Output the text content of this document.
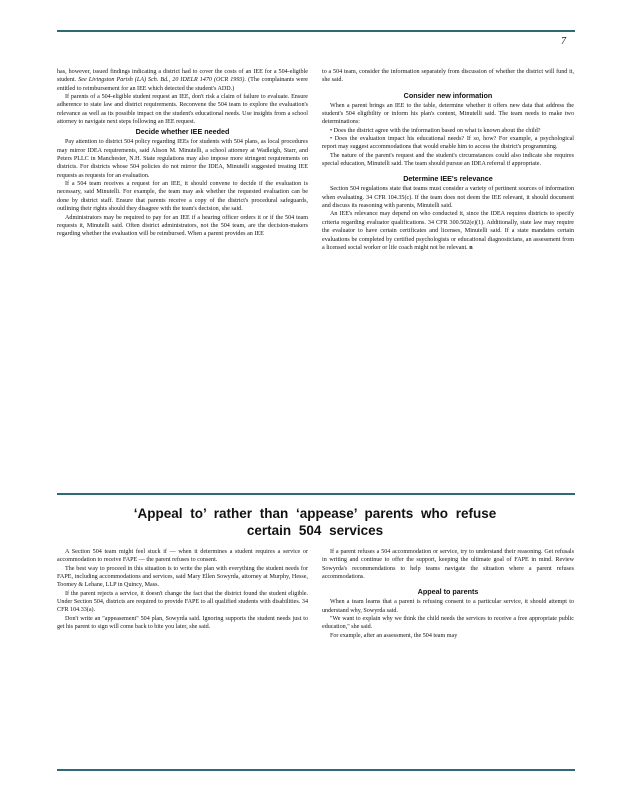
7

has, however, issued findings indicating a district had to cover the costs of an IEE for a 504-eligible student. See Livingston Parish (LA) Sch. Bd., 20 IDELR 1470 (OCR 1993). (The complainants were entitled to reimbursement for an IEE which detected the student's ADD.)

If parents of a 504-eligible student request an IEE, don't risk a claim of failure to evaluate. Ensure adherence to state law and district requirements. Reconvene the 504 team to explore the evaluation's relevance as well as its possible impact on the student's educational needs. Use insights from a school attorney to navigate next steps following an IEE request.

Decide whether IEE needed

Pay attention to district 504 policy regarding IEEs for students with 504 plans, as local procedures may mirror IDEA requirements, said Alison M. Minutelli, a school attorney at Wadleigh, Starr, and Peters PLLC in Manchester, N.H. State regulations may also impose more stringent requirements on districts. For districts whose 504 policies do not mirror the IDEA, Minutelli suggested treating IEE requests as requests for an evaluation.

If a 504 team receives a request for an IEE, it should convene to decide if the evaluation is necessary, said Minutelli. For example, the team may ask whether the requested evaluation can be done by district staff. Ensure that parents receive a copy of the district's procedural safeguards, outlining their rights should they disagree with the team's decision, she said.

Administrators may be required to pay for an IEE if a hearing officer orders it or if the 504 team requests it, Minutelli said. Often district administrators, not the 504 team, are the decision-makers regarding whether the evaluation will be reimbursed. When a parent provides an IEE

to a 504 team, consider the information separately from discussion of whether the district will fund it, she said.

Consider new information

When a parent brings an IEE to the table, determine whether it offers new data that address the student's 504 eligibility or inform his plan's content, Minutelli said. The team needs to make two determinations:

• Does the district agree with the information based on what is known about the child?

• Does the evaluation impact his educational needs? If so, how? For example, a psychological report may suggest accommodations that would enable him to access the district's programming.

The nature of the parent's request and the student's circumstances could also indicate she requires special education, Minutelli said. The team should pursue an IDEA referral if appropriate.

Determine IEE's relevance

Section 504 regulations state that teams must consider a variety of pertinent sources of information when evaluating. 34 CFR 104.35(c). If the team does not deem the IEE relevant, it should document and discuss its reasoning with parents, Minutelli said.

An IEE's relevance may depend on who conducted it, since the IDEA requires districts to specify criteria regarding evaluator qualifications. 34 CFR 300.502(e)(1). Additionally, state law may require the evaluator to have certain certificates and licenses, Minutelli said. If a state mandates certain evaluations be completed by certified psychologists or educational diagnosticians, an assessment from a licensed social worker or life coach might not be relevant. n

‘Appeal to’ rather than ‘appease’ parents who refuse
certain 504 services

A Section 504 team might feel stuck if — when it determines a student requires a service or accommodation to receive FAPE — the parent refuses to consent.

The best way to proceed in this situation is to write the plan with everything the student needs for FAPE, including accommodations and services, said Mary Ellen Sowyrda, attorney at Murphy, Hesse, Toomey & Lehane, LLP in Quincy, Mass.

If the parent rejects a service, it doesn't change the fact that the district found the student eligible. Under Section 504, districts are required to provide FAPE to all qualified students with disabilities. 34 CFR 104.33(a).

Don't write an "appeasement" 504 plan, Sowyrda said. Ignoring supports the student needs just to get his parent to sign will come back to bite you later, she said.

If a parent refuses a 504 accommodation or service, try to understand their reasoning. Get refusals in writing and continue to offer the support, keeping the ultimate goal of FAPE in mind. Review Sowyrda's recommendations to help teams navigate the situation where a parent refuses accommodations.

Appeal to parents

When a team learns that a parent is refusing consent to a particular service, it should attempt to understand why, Sowyrda said.

"We want to explain why we think the child needs the services to receive a free appropriate public education," she said.

For example, after an assessment, the 504 team may
